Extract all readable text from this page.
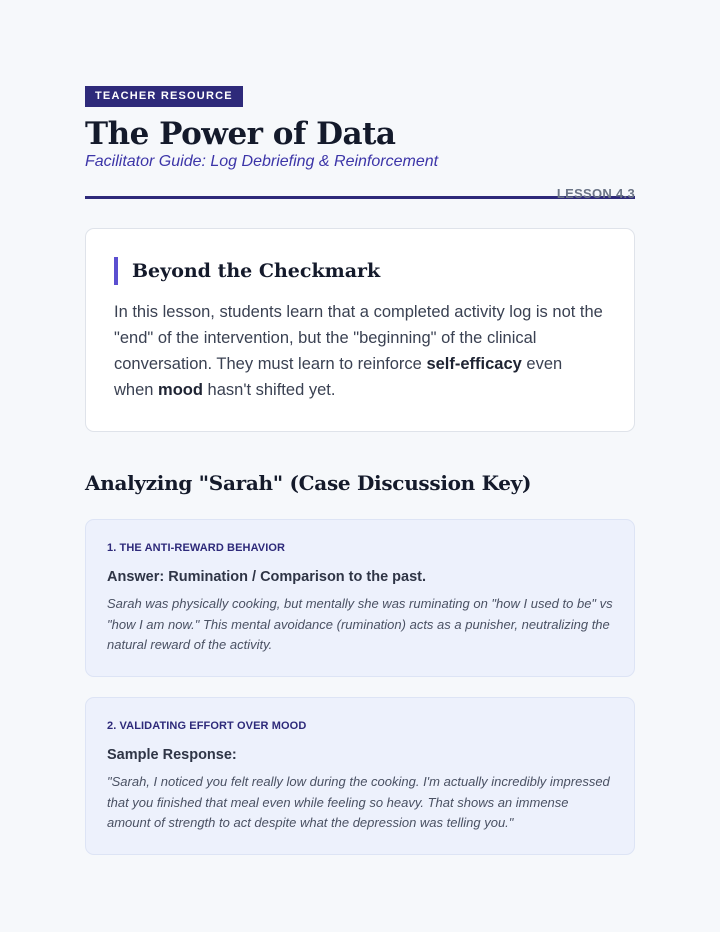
TEACHER RESOURCE
The Power of Data
Facilitator Guide: Log Debriefing & Reinforcement
LESSON 4.3
Beyond the Checkmark

In this lesson, students learn that a completed activity log is not the "end" of the intervention, but the "beginning" of the clinical conversation. They must learn to reinforce self-efficacy even when mood hasn't shifted yet.

Analyzing "Sarah" (Case Discussion Key)
1. THE ANTI-REWARD BEHAVIOR
Answer: Rumination / Comparison to the past.

Sarah was physically cooking, but mentally she was ruminating on "how I used to be" vs "how I am now." This mental avoidance (rumination) acts as a punisher, neutralizing the natural reward of the activity.

2. VALIDATING EFFORT OVER MOOD
Sample Response:

"Sarah, I noticed you felt really low during the cooking. I'm actually incredibly impressed that you finished that meal even while feeling so heavy. That shows an immense amount of strength to act despite what the depression was telling you."
